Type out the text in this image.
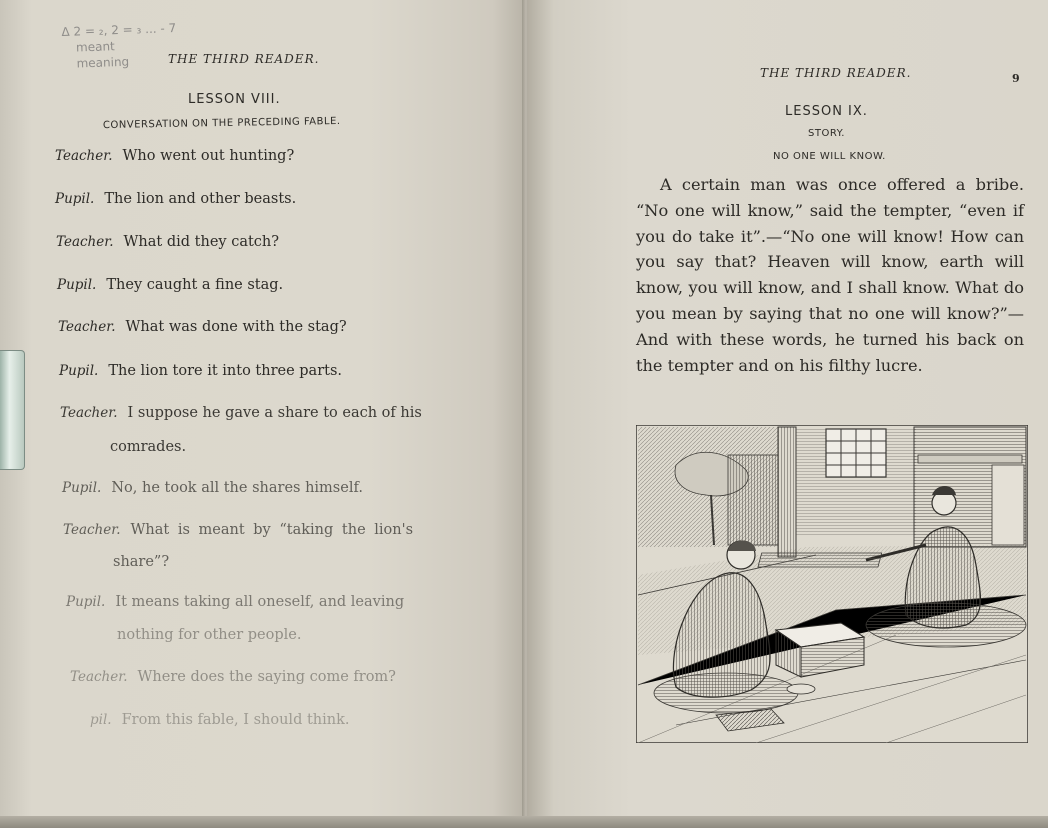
Δ 2 = ₂, 2 = ₃ ... - 7
meant
meaning	THE THIRD READER.
LESSON VIII.
CONVERSATION ON THE PRECEDING FABLE.
Teacher. Who went out hunting?
Pupil. The lion and other beasts.
Teacher. What did they catch?
Pupil. They caught a fine stag.
Teacher. What was done with the stag?
Pupil. The lion tore it into three parts.
Teacher. I suppose he gave a share to each of his
comrades.
Pupil. No, he took all the shares himself.
Teacher. What is meant by “taking the lion's
share”?
Pupil. It means taking all oneself, and leaving
nothing for other people.
Teacher. Where does the saying come from?
pil. From this fable, I should think.
THE THIRD READER.	9
LESSON IX.
STORY.
NO ONE WILL KNOW.

A certain man was once offered a bribe. “No one will know,” said the tempter, “even if you do take it”.—“No one will know! How can you say that? Heaven will know, earth will know, you will know, and I shall know. What do you mean by saying that no one will know?”—And with these words, he turned his back on the tempter and on his filthy lucre.
